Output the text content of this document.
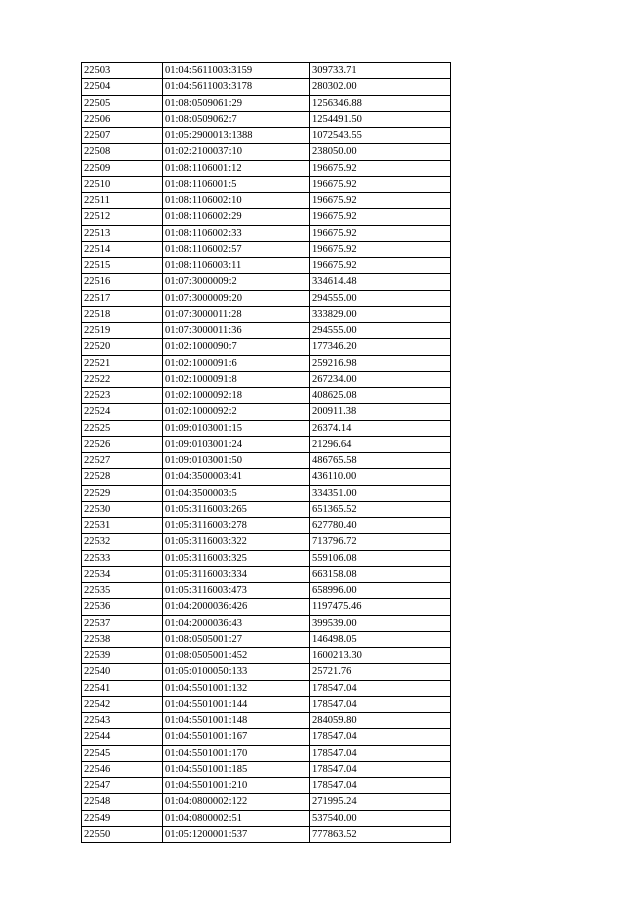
22503	01:04:5611003:3159	309733.71
22504	01:04:5611003:3178	280302.00
22505	01:08:0509061:29	1256346.88
22506	01:08:0509062:7	1254491.50
22507	01:05:2900013:1388	1072543.55
22508	01:02:2100037:10	238050.00
22509	01:08:1106001:12	196675.92
22510	01:08:1106001:5	196675.92
22511	01:08:1106002:10	196675.92
22512	01:08:1106002:29	196675.92
22513	01:08:1106002:33	196675.92
22514	01:08:1106002:57	196675.92
22515	01:08:1106003:11	196675.92
22516	01:07:3000009:2	334614.48
22517	01:07:3000009:20	294555.00
22518	01:07:3000011:28	333829.00
22519	01:07:3000011:36	294555.00
22520	01:02:1000090:7	177346.20
22521	01:02:1000091:6	259216.98
22522	01:02:1000091:8	267234.00
22523	01:02:1000092:18	408625.08
22524	01:02:1000092:2	200911.38
22525	01:09:0103001:15	26374.14
22526	01:09:0103001:24	21296.64
22527	01:09:0103001:50	486765.58
22528	01:04:3500003:41	436110.00
22529	01:04:3500003:5	334351.00
22530	01:05:3116003:265	651365.52
22531	01:05:3116003:278	627780.40
22532	01:05:3116003:322	713796.72
22533	01:05:3116003:325	559106.08
22534	01:05:3116003:334	663158.08
22535	01:05:3116003:473	658996.00
22536	01:04:2000036:426	1197475.46
22537	01:04:2000036:43	399539.00
22538	01:08:0505001:27	146498.05
22539	01:08:0505001:452	1600213.30
22540	01:05:0100050:133	25721.76
22541	01:04:5501001:132	178547.04
22542	01:04:5501001:144	178547.04
22543	01:04:5501001:148	284059.80
22544	01:04:5501001:167	178547.04
22545	01:04:5501001:170	178547.04
22546	01:04:5501001:185	178547.04
22547	01:04:5501001:210	178547.04
22548	01:04:0800002:122	271995.24
22549	01:04:0800002:51	537540.00
22550	01:05:1200001:537	777863.52
